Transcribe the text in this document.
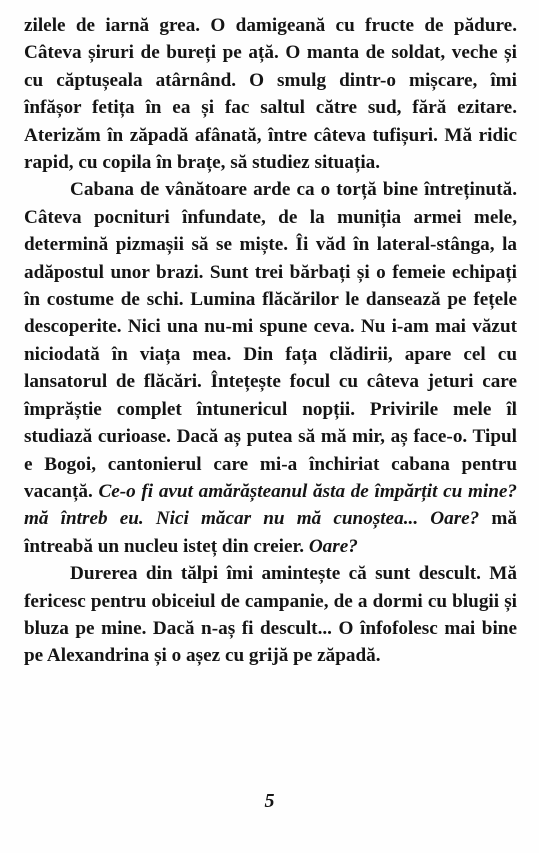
zilele de iarnă grea. O damigeană cu fructe de pădure. Câteva șiruri de bureți pe ață. O manta de soldat, veche și cu căptușeala atârnând. O smulg dintr-o mișcare, îmi înfășor fetița în ea și fac saltul către sud, fără ezitare. Aterizăm în zăpadă afânată, între câteva tufișuri. Mă ridic rapid, cu copila în brațe, să studiez situația.

Cabana de vânătoare arde ca o torță bine întreținută. Câteva pocnituri înfundate, de la muniția armei mele, determină pizmașii să se miște. Îi văd în lateral-stânga, la adăpostul unor brazi. Sunt trei bărbați și o femeie echipați în costume de schi. Lumina flăcărilor le dansează pe fețele descoperite. Nici una nu-mi spune ceva. Nu i-am mai văzut niciodată în viața mea. Din fața clădirii, apare cel cu lansatorul de flăcări. Întețește focul cu câteva jeturi care împrăștie complet întunericul nopții. Privirile mele îl studiază curioase. Dacă aș putea să mă mir, aș face-o. Tipul e Bogoi, cantonierul care mi-a închiriat cabana pentru vacanță. Ce-o fi avut amărășteanul ăsta de împărțit cu mine? mă întreb eu. Nici măcar nu mă cunoștea... Oare? mă întreabă un nucleu isteț din creier. Oare?

Durerea din tălpi îmi amintește că sunt descult. Mă fericesc pentru obiceiul de campanie, de a dormi cu blugii și bluza pe mine. Dacă n-aș fi descult... O înfofolesc mai bine pe Alexandrina și o așez cu grijă pe zăpadă.

5
